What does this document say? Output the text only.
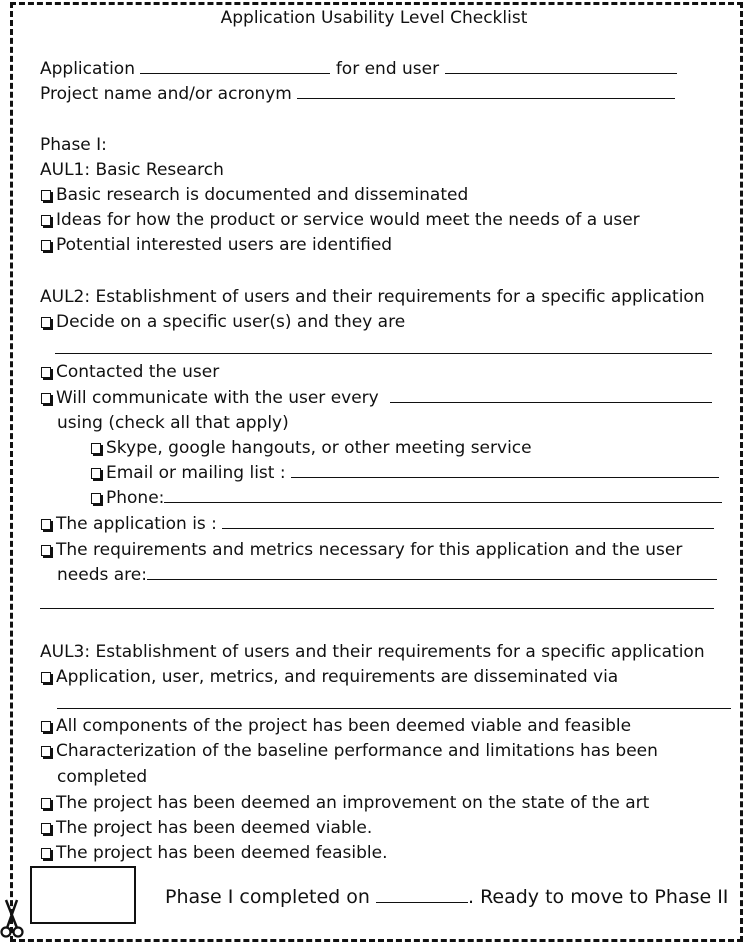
Application Usability Level Checklist
Application	for end user
Project name and/or acronym
Phase I:
AUL1: Basic Research
Basic research is documented and disseminated
Ideas for how the product or service would meet the needs of a user
Potential interested users are identified
AUL2: Establishment of users and their requirements for a specific application
Decide on a specific user(s) and they are
Contacted the user
Will communicate with the user every
using (check all that apply)
Skype, google hangouts, or other meeting service
Email or mailing list :
Phone:
The application is :
The requirements and metrics necessary for this application and the user
needs are:
AUL3: Establishment of users and their requirements for a specific application
Application, user, metrics, and requirements are disseminated via
All components of the project has been deemed viable and feasible
Characterization of the baseline performance and limitations has been
completed
The project has been deemed an improvement on the state of the art
The project has been deemed viable.
The project has been deemed feasible.
Phase I completed on	. Ready to move to Phase II
